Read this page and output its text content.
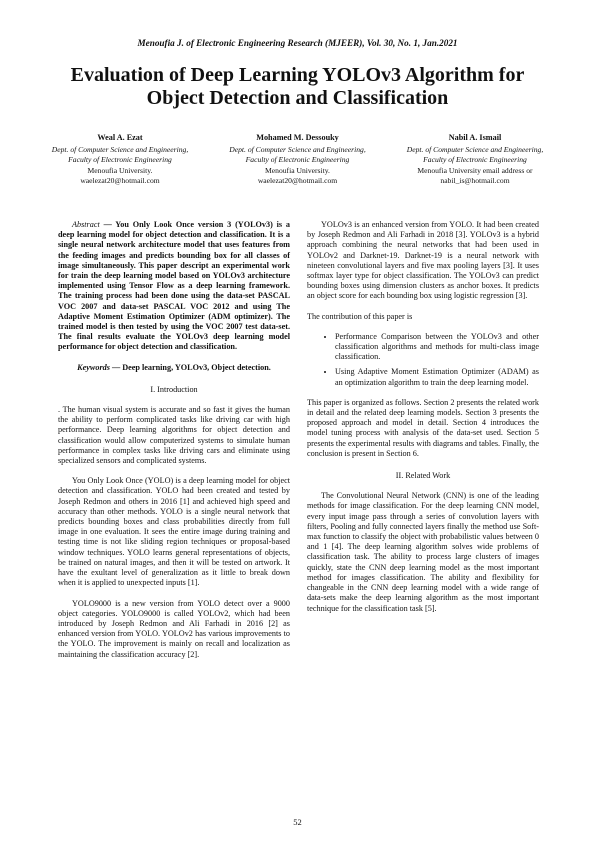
Menoufia J. of Electronic Engineering Research (MJEER), Vol. 30, No. 1, Jan.2021
Evaluation of Deep Learning YOLOv3 Algorithm for Object Detection and Classification
Weal A. Ezat
Dept. of Computer Science and Engineering, Faculty of Electronic Engineering
Menoufia University.
waelezat20@hotmail.com
Mohamed M. Dessouky
Dept. of Computer Science and Engineering, Faculty of Electronic Engineering
Menoufia University.
waelezat20@hotmail.com
Nabil A. Ismail
Dept. of Computer Science and Engineering, Faculty of Electronic Engineering
Menoufia University email address or nabil_is@hotmail.com

Abstract — You Only Look Once version 3 (YOLOv3) is a deep learning model for object detection and classification. It is a single neural network architecture model that uses features from the feeding images and predicts bounding box for all classes of image simultaneously. This paper descript an experimental work for train the deep learning model based on YOLOv3 architecture implemented using Tensor Flow as a deep learning framework. The training process had been done using the data-set PASCAL VOC 2007 and data-set PASCAL VOC 2012 and using The Adaptive Moment Estimation Optimizer (ADM optimizer). The trained model is then tested by using the VOC 2007 test data-set. The final results evaluate the YOLOv3 deep learning model performance for object detection and classification.

Keywords — Deep learning, YOLOv3, Object detection.

I. Introduction

. The human visual system is accurate and so fast it gives the human the ability to perform complicated tasks like driving car with high performance. Deep learning algorithms for object detection and classification would allow computerized systems to simulate human performance in complex tasks like driving cars and eliminate using specialized sensors and complicated systems.

You Only Look Once (YOLO) is a deep learning model for object detection and classification. YOLO had been created and tested by Joseph Redmon and others in 2016 [1] and achieved high speed and accuracy than other methods. YOLO is a single neural network that predicts bounding boxes and class probabilities directly from full image in one evaluation. It sees the entire image during training and testing time is not like sliding region techniques or proposal-based window techniques. YOLO learns general representations of objects, be trained on natural images, and then it will be tested on artwork. It have the exultant level of generalization as it little to break down when it is applied to unexpected inputs [1].

YOLO9000 is a new version from YOLO detect over a 9000 object categories. YOLO9000 is called YOLOv2, which had been introduced by Joseph Redmon and Ali Farhadi in 2016 [2] as enhanced version from YOLO. YOLOv2 has various improvements to the YOLO. The improvement is mainly on recall and localization as maintaining the classification accuracy [2].

YOLOv3 is an enhanced version from YOLO. It had been created by Joseph Redmon and Ali Farhadi in 2018 [3]. YOLOv3 is a hybrid approach combining the neural networks that had been used in YOLOv2 and Darknet-19. Darknet-19 is a neural network with nineteen convolutional layers and five max pooling layers [3]. It uses softmax layer type for object classification. The YOLOv3 can predict bounding boxes using dimension clusters as anchor boxes. It predicts an object score for each bounding box using logistic regression [3].

The contribution of this paper is

• Performance Comparison between the YOLOv3 and other classification algorithms and methods for multi-class image classification.
• Using Adaptive Moment Estimation Optimizer (ADAM) as an optimization algorithm to train the deep learning model.

This paper is organized as follows. Section 2 presents the related work in detail and the related deep learning models. Section 3 presents the proposed approach and model in detail. Section 4 introduces the model tuning process with analysis of the data-set used. Section 5 presents the experimental results with diagrams and tables. Finally, the conclusion is present in Section 6.

II. Related Work

The Convolutional Neural Network (CNN) is one of the leading methods for image classification. For the deep learning CNN model, every input image pass through a series of convolution layers with filters, Pooling and fully connected layers finally the method use Soft-max function to classify the object with probabilistic values between 0 and 1 [4]. The deep learning algorithm solves wide problems of classification task. The ability to process large clusters of images quickly, state the CNN deep learning model as the most important method for images classification. The ability and flexibility for changeable in the CNN deep learning model with a wide range of data-sets make the deep learning algorithm as the most important technique for the classification task [5].

52
